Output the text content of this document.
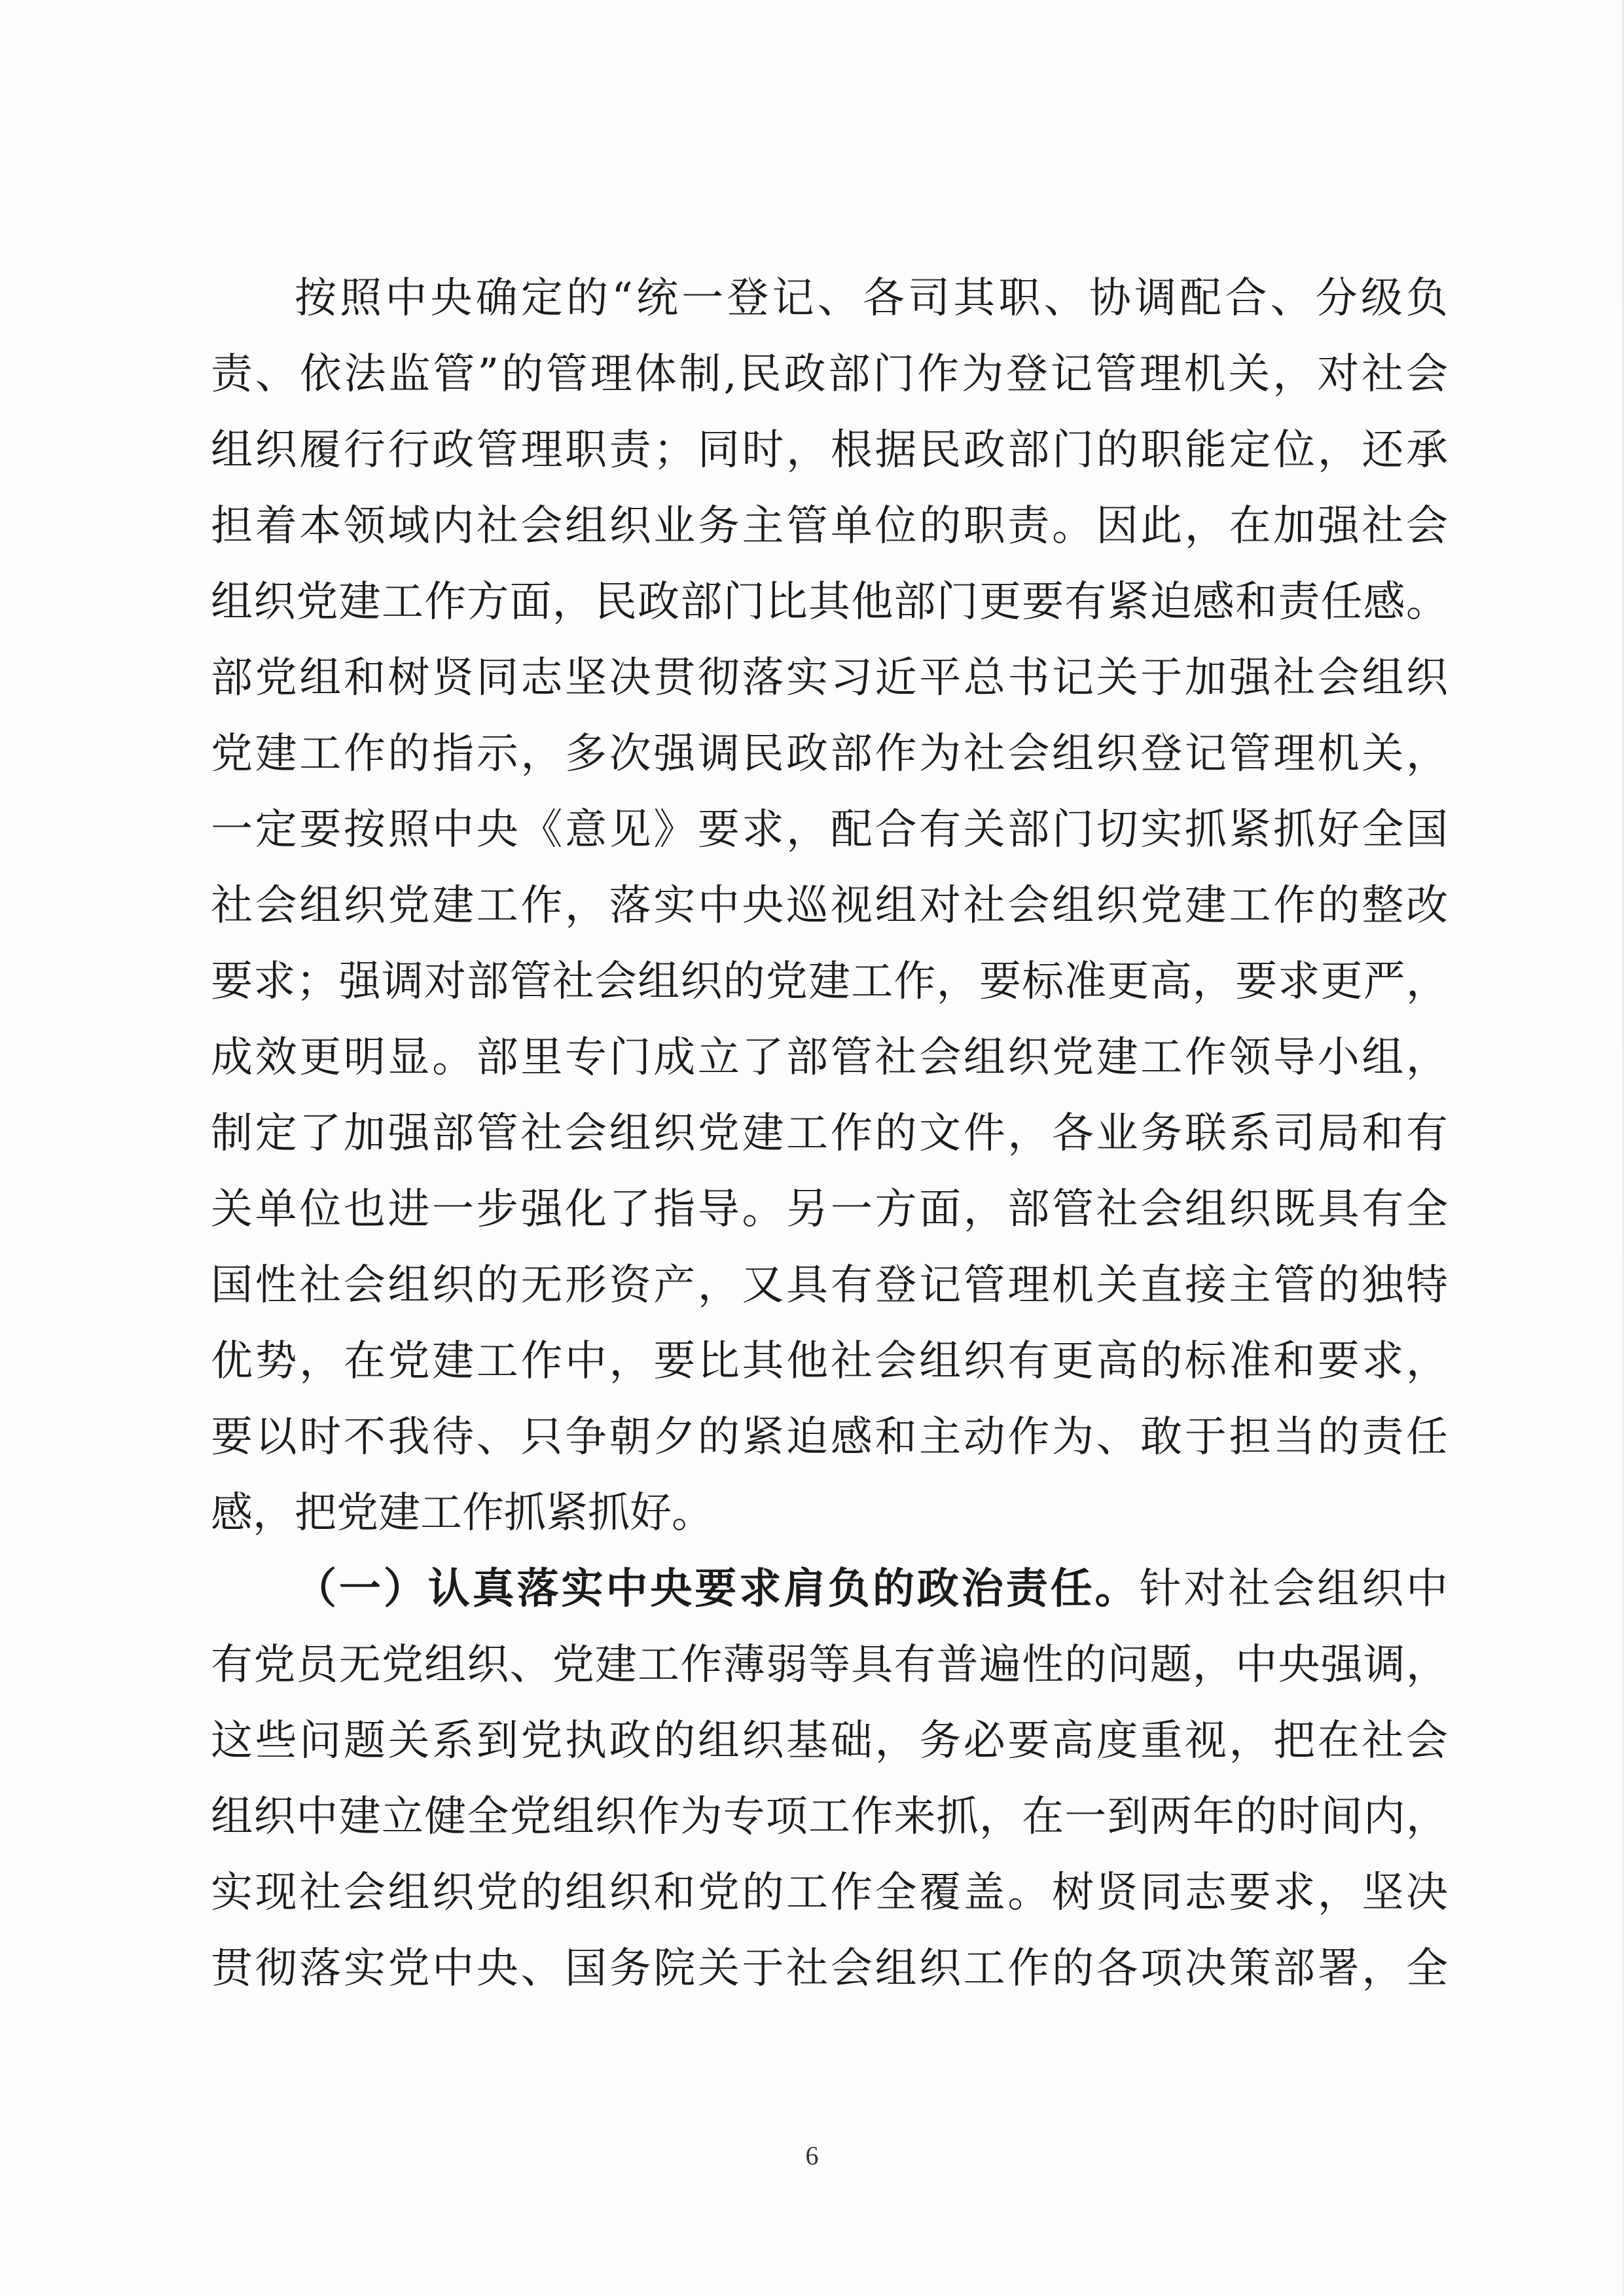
按照中央确定的“统一登记、各司其职、协调配合、分级负
责、依法监管”的管理体制,民政部门作为登记管理机关，对社会
组织履行行政管理职责；同时，根据民政部门的职能定位，还承
担着本领域内社会组织业务主管单位的职责。因此，在加强社会
组织党建工作方面，民政部门比其他部门更要有紧迫感和责任感。
部党组和树贤同志坚决贯彻落实习近平总书记关于加强社会组织
党建工作的指示，多次强调民政部作为社会组织登记管理机关，
一定要按照中央《意见》要求，配合有关部门切实抓紧抓好全国
社会组织党建工作，落实中央巡视组对社会组织党建工作的整改
要求；强调对部管社会组织的党建工作，要标准更高，要求更严，
成效更明显。部里专门成立了部管社会组织党建工作领导小组，
制定了加强部管社会组织党建工作的文件，各业务联系司局和有
关单位也进一步强化了指导。另一方面，部管社会组织既具有全
国性社会组织的无形资产，又具有登记管理机关直接主管的独特
优势，在党建工作中，要比其他社会组织有更高的标准和要求，
要以时不我待、只争朝夕的紧迫感和主动作为、敢于担当的责任
感，把党建工作抓紧抓好。
（一）认真落实中央要求肩负的政治责任。针对社会组织中
有党员无党组织、党建工作薄弱等具有普遍性的问题，中央强调，
这些问题关系到党执政的组织基础，务必要高度重视，把在社会
组织中建立健全党组织作为专项工作来抓，在一到两年的时间内，
实现社会组织党的组织和党的工作全覆盖。树贤同志要求，坚决
贯彻落实党中央、国务院关于社会组织工作的各项决策部署，全
6
